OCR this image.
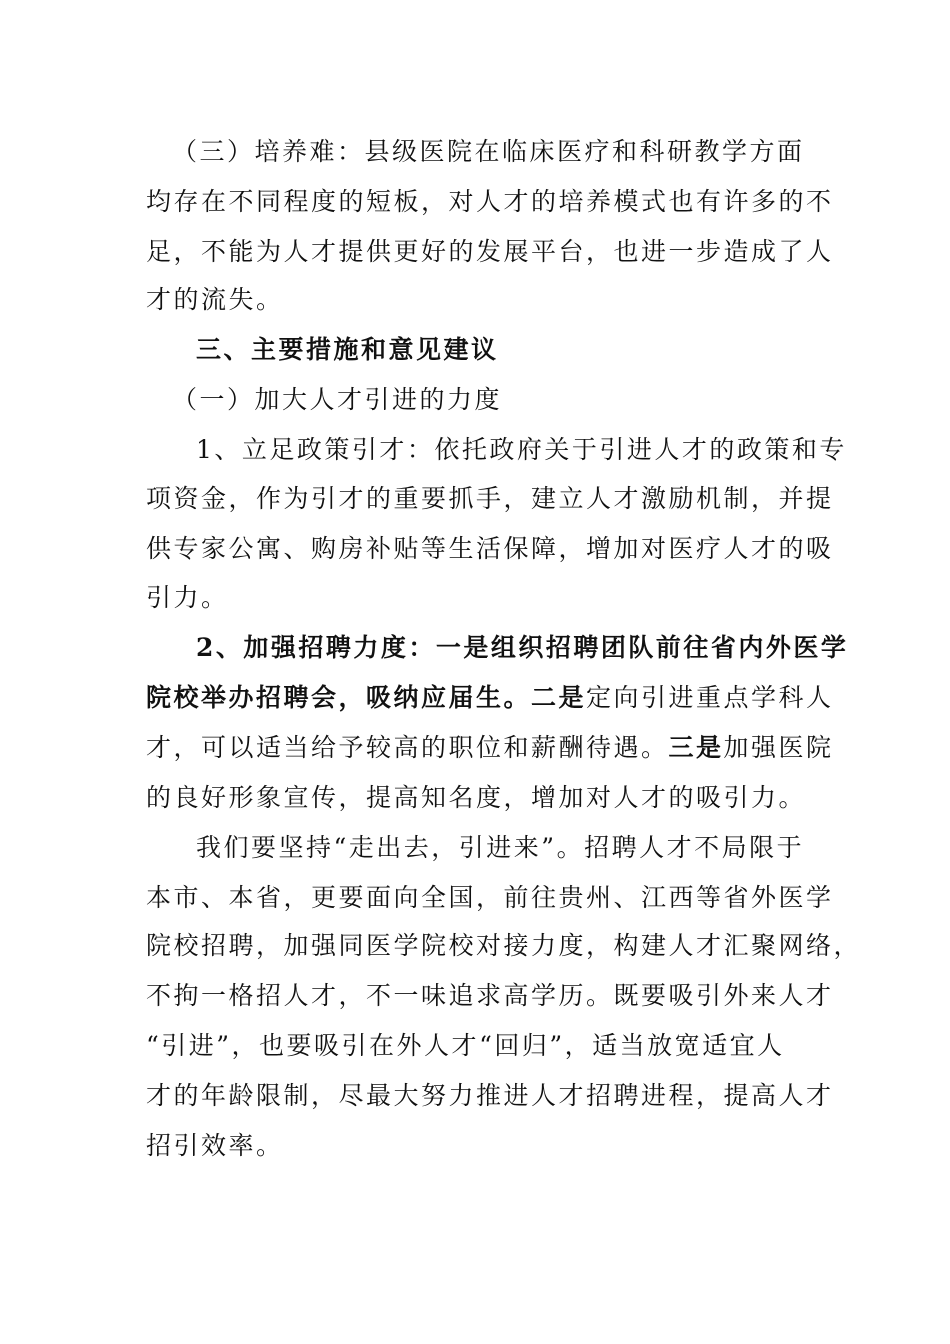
（三）培养难：县级医院在临床医疗和科研教学方面
均存在不同程度的短板，对人才的培养模式也有许多的不
足，不能为人才提供更好的发展平台，也进一步造成了人
才的流失。
三、主要措施和意见建议
（一）加大人才引进的力度
1、立足政策引才：依托政府关于引进人才的政策和专
项资金，作为引才的重要抓手，建立人才激励机制，并提
供专家公寓、购房补贴等生活保障，增加对医疗人才的吸
引力。
2、加强招聘力度：一是组织招聘团队前往省内外医学
院校举办招聘会，吸纳应届生。二是定向引进重点学科人
才，可以适当给予较高的职位和薪酬待遇。三是加强医院
的良好形象宣传，提高知名度，增加对人才的吸引力。
我们要坚持“走出去，引进来”。招聘人才不局限于
本市、本省，更要面向全国，前往贵州、江西等省外医学
院校招聘，加强同医学院校对接力度，构建人才汇聚网络，
不拘一格招人才，不一味追求高学历。既要吸引外来人才
“引进”，也要吸引在外人才“回归”，适当放宽适宜人
才的年龄限制，尽最大努力推进人才招聘进程，提高人才
招引效率。
